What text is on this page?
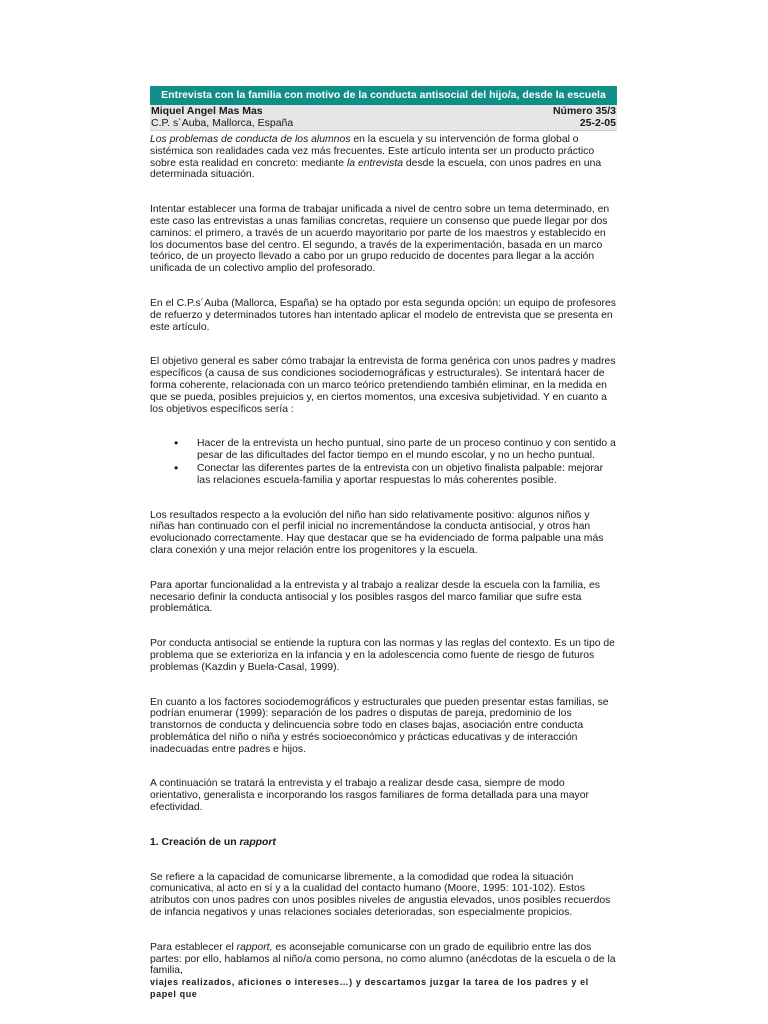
Entrevista con la familia con motivo de la conducta antisocial del hijo/a, desde la escuela
Miquel Angel Mas Mas	Número 35/3
C.P. s´Auba, Mallorca, España	25-2-05

Los problemas de conducta de los alumnos en la escuela y su intervención de forma global o sistémica son realidades cada vez más frecuentes. Este artículo intenta ser un producto práctico sobre esta realidad en concreto: mediante la entrevista desde la escuela, con unos padres en una determinada situación.

Intentar establecer una forma de trabajar unificada a nivel de centro sobre un tema determinado, en este caso las entrevistas a unas familias concretas, requiere un consenso que puede llegar por dos caminos: el primero, a través de un acuerdo mayoritario por parte de los maestros y establecido en los documentos base del centro. El segundo, a través de la experimentación, basada en un marco teórico, de un proyecto llevado a cabo por un grupo reducido de docentes para llegar a la acción unificada de un colectivo amplio del profesorado.

En el C.P.s´Auba (Mallorca, España) se ha optado por esta segunda opción: un equipo de profesores de refuerzo y determinados tutores han intentado aplicar el modelo de entrevista que se presenta en este artículo.

El objetivo general es saber cómo trabajar la entrevista de forma genérica con unos padres y madres específicos (a causa de sus condiciones sociodemográficas y estructurales). Se intentará hacer de forma coherente, relacionada con un marco teórico pretendiendo también eliminar, en la medida en que se pueda, posibles prejuicios y, en ciertos momentos, una excesiva subjetividad. Y en cuanto a los objetivos específicos sería :

• Hacer de la entrevista un hecho puntual, sino parte de un proceso continuo y con sentido a pesar de las dificultades del factor tiempo en el mundo escolar, y no un hecho puntual.
• Conectar las diferentes partes de la entrevista con un objetivo finalista palpable: mejorar las relaciones escuela-familia y aportar respuestas lo más coherentes posible.

Los resultados respecto a la evolución del niño han sido relativamente positivo: algunos niños y niñas han continuado con el perfil inicial no incrementándose la conducta antisocial, y otros han evolucionado correctamente. Hay que destacar que se ha evidenciado de forma palpable una más clara conexión y una mejor relación entre los progenitores y la escuela.

Para aportar funcionalidad a la entrevista y al trabajo a realizar desde la escuela con la familia, es necesario definir la conducta antisocial y los posibles rasgos del marco familiar que sufre esta problemática.

Por conducta antisocial se entiende la ruptura con las normas y las reglas del contexto. Es un tipo de problema que se exterioriza en la infancia y en la adolescencia como fuente de riesgo de futuros problemas (Kazdin y Buela-Casal, 1999).

En cuanto a los factores sociodemográficos y estructurales que pueden presentar estas familias, se podrían enumerar (1999): separación de los padres o disputas de pareja, predominio de los transtornos de conducta y delincuencia sobre todo en clases bajas, asociación entre conducta problemática del niño o niña y estrés socioeconómico y prácticas educativas y de interacción inadecuadas entre padres e hijos.

A continuación se tratará la entrevista y el trabajo a realizar desde casa, siempre de modo orientativo, generalista e incorporando los rasgos familiares de forma detallada para una mayor efectividad.

1. Creación de un rapport

Se refiere a la capacidad de comunicarse libremente, a la comodidad que rodea la situación comunicativa, al acto en sí y a la cualidad del contacto humano (Moore, 1995: 101-102). Estos atributos con unos padres con unos posibles niveles de angustia elevados, unos posibles recuerdos de infancia negativos y unas relaciones sociales deterioradas, son especialmente propicios.

Para establecer el rapport, es aconsejable comunicarse con un grado de equilibrio entre las dos partes: por ello, hablamos al niño/a como persona, no como alumno (anécdotas de la escuela o de la familia,
viajes realizados, aficiones o intereses…) y descartamos juzgar la tarea de los padres y el papel que
